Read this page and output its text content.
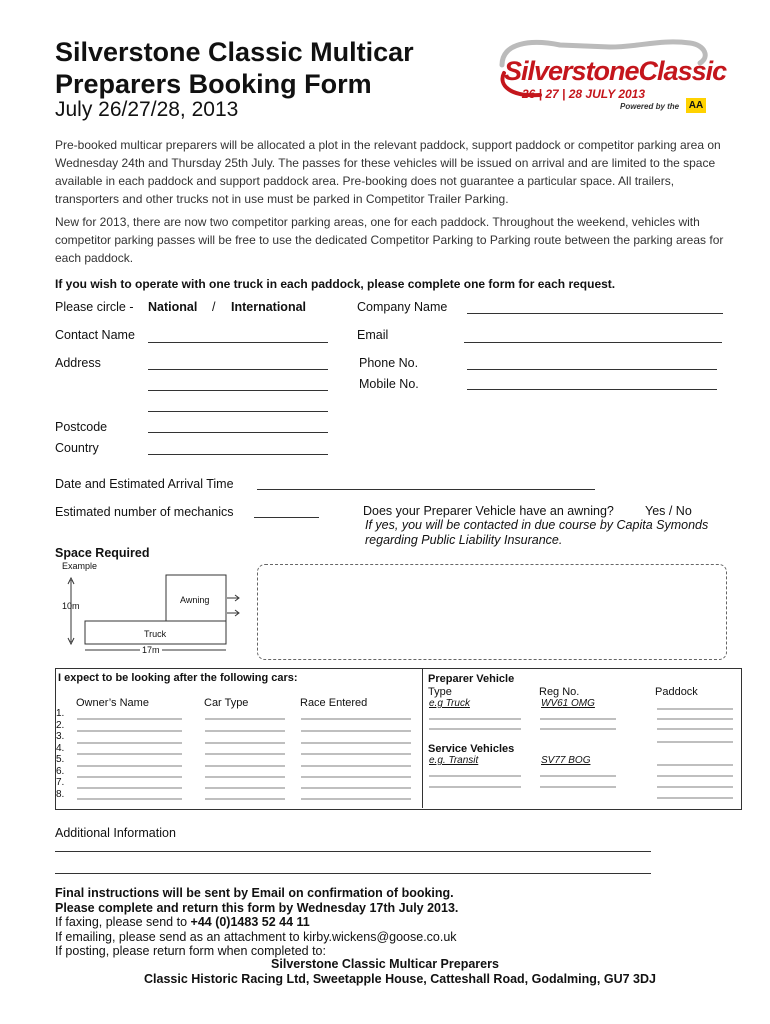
Silverstone Classic Multicar
Preparers Booking Form
July 26/27/28, 2013
SilverstoneClassic
26 | 27 | 28 JULY 2013
Powered by the AA
Pre-booked multicar preparers will be allocated a plot in the relevant paddock, support paddock or competitor parking area on Wednesday 24th and Thursday 25th July. The passes for these vehicles will be issued on arrival and are limited to the space available in each paddock and support paddock area. Pre-booking does not guarantee a particular space. All trailers, transporters and other trucks not in use must be parked in Competitor Trailer Parking.
New for 2013, there are now two competitor parking areas, one for each paddock. Throughout the weekend, vehicles with competitor parking passes will be free to use the dedicated Competitor Parking to Parking route between the parking areas for each paddock.
If you wish to operate with one truck in each paddock, please complete one form for each request.
Please circle - National / International	Company Name
Contact Name	Email
Address	Phone No.
Mobile No.
Postcode
Country
Date and Estimated Arrival Time
Estimated number of mechanics	Does your Preparer Vehicle have an awning? Yes / No
If yes, you will be contacted in due course by Capita Symonds
regarding Public Liability Insurance.
Space Required
Example
Awning
10m
Truck
17m
I expect to be looking after the following cars:
Owner’s Name	Car Type	Race Entered
1.
2.
3.
4.
5.
6.
7.
8.
Preparer Vehicle
Type	Reg No.	Paddock
e.g Truck	WV61 OMG
Service Vehicles
e.g. Transit	SV77 BOG
Additional Information
Final instructions will be sent by Email on confirmation of booking.
Please complete and return this form by Wednesday 17th July 2013.
If faxing, please send to +44 (0)1483 52 44 11
If emailing, please send as an attachment to kirby.wickens@goose.co.uk
If posting, please return form when completed to:
Silverstone Classic Multicar Preparers
Classic Historic Racing Ltd, Sweetapple House, Catteshall Road, Godalming, GU7 3DJ
